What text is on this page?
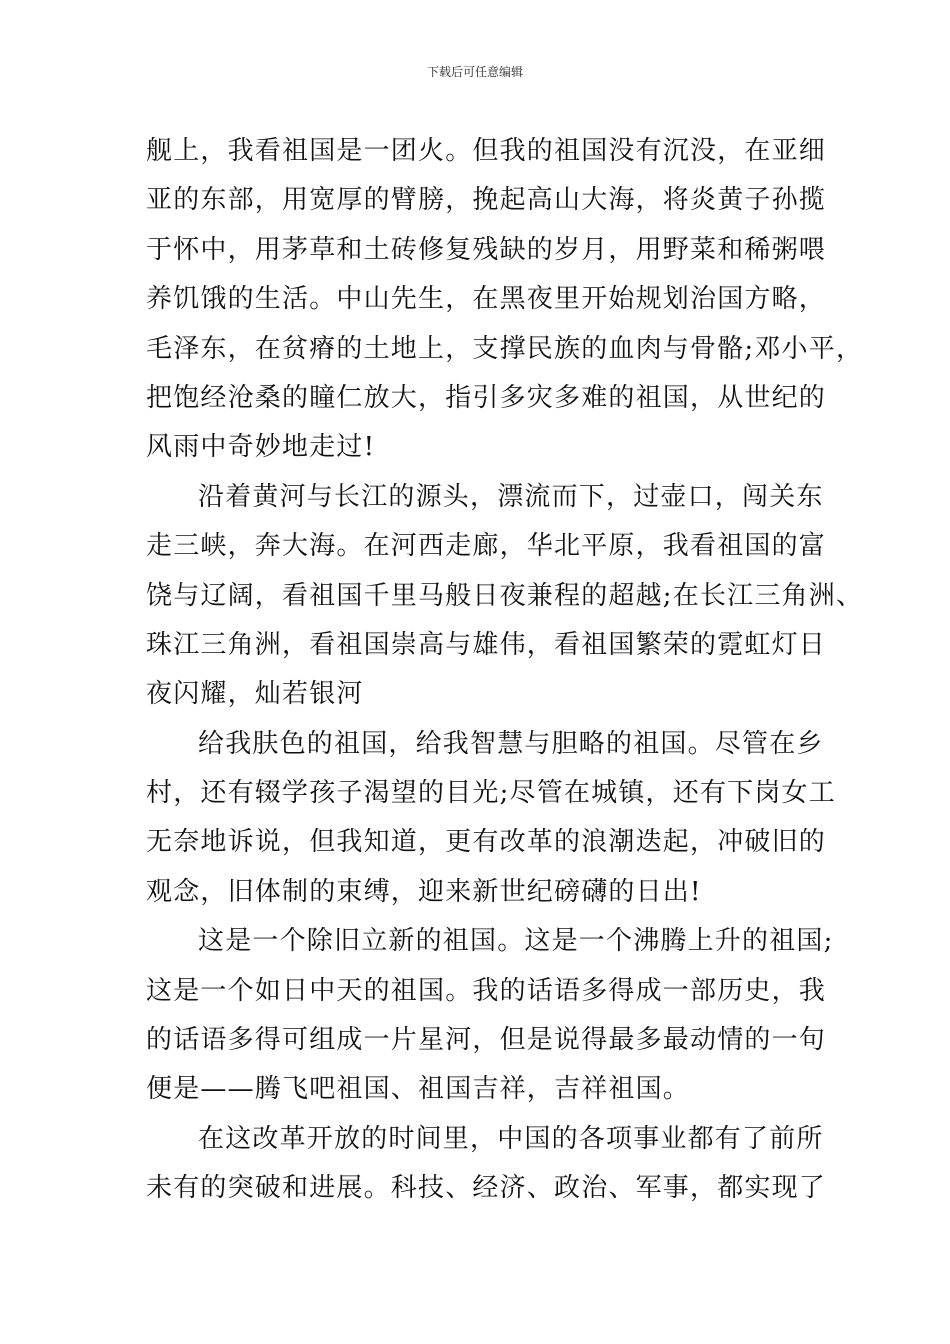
下载后可任意编辑
舰上，我看祖国是一团火。但我的祖国没有沉没，在亚细
亚的东部，用宽厚的臂膀，挽起高山大海，将炎黄子孙揽
于怀中，用茅草和土砖修复残缺的岁月，用野菜和稀粥喂
养饥饿的生活。中山先生，在黑夜里开始规划治国方略，
毛泽东，在贫瘠的土地上，支撑民族的血肉与骨骼;邓小平，
把饱经沧桑的瞳仁放大，指引多灾多难的祖国，从世纪的
风雨中奇妙地走过!
沿着黄河与长江的源头，漂流而下，过壶口，闯关东
走三峡，奔大海。在河西走廊，华北平原，我看祖国的富
饶与辽阔，看祖国千里马般日夜兼程的超越;在长江三角洲、
珠江三角洲，看祖国崇高与雄伟，看祖国繁荣的霓虹灯日
夜闪耀，灿若银河
给我肤色的祖国，给我智慧与胆略的祖国。尽管在乡
村，还有辍学孩子渴望的目光;尽管在城镇，还有下岗女工
无奈地诉说，但我知道，更有改革的浪潮迭起，冲破旧的
观念，旧体制的束缚，迎来新世纪磅礴的日出!
这是一个除旧立新的祖国。这是一个沸腾上升的祖国;
这是一个如日中天的祖国。我的话语多得成一部历史，我
的话语多得可组成一片星河，但是说得最多最动情的一句
便是——腾飞吧祖国、祖国吉祥，吉祥祖国。
在这改革开放的时间里，中国的各项事业都有了前所
未有的突破和进展。科技、经济、政治、军事，都实现了
